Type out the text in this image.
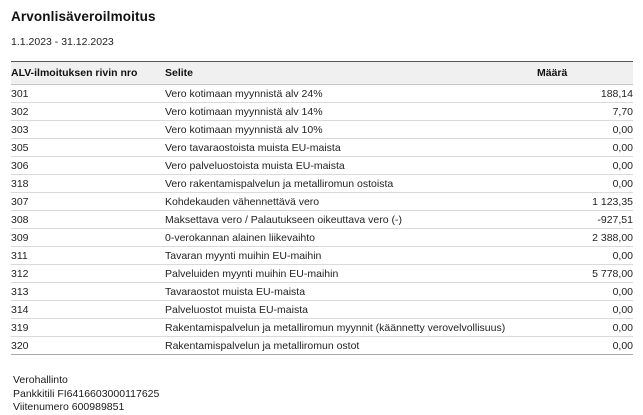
Arvonlisäveroilmoitus
1.1.2023 - 31.12.2023
ALV-ilmoituksen rivin nro	Selite	Määrä
301	Vero kotimaan myynnistä alv 24%	188,14
302	Vero kotimaan myynnistä alv 14%	7,70
303	Vero kotimaan myynnistä alv 10%	0,00
305	Vero tavaraostoista muista EU-maista	0,00
306	Vero palveluostoista muista EU-maista	0,00
318	Vero rakentamispalvelun ja metalliromun ostoista	0,00
307	Kohdekauden vähennettävä vero	1 123,35
308	Maksettava vero / Palautukseen oikeuttava vero (-)	-927,51
309	0-verokannan alainen liikevaihto	2 388,00
311	Tavaran myynti muihin EU-maihin	0,00
312	Palveluiden myynti muihin EU-maihin	5 778,00
313	Tavaraostot muista EU-maista	0,00
314	Palveluostot muista EU-maista	0,00
319	Rakentamispalvelun ja metalliromun myynnit (käännetty verovelvollisuus)	0,00
320	Rakentamispalvelun ja metalliromun ostot	0,00
Verohallinto
Pankkitili FI6416603000117625
Viitenumero 600989851
